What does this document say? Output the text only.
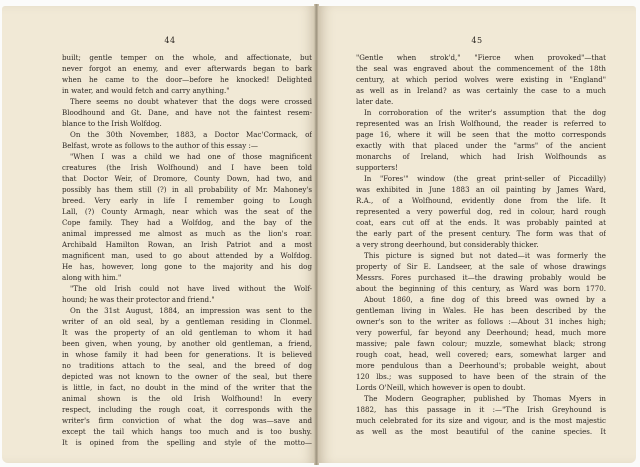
44
built; gentle temper on the whole, and affectionate, but
never forgot an enemy, and ever afterwards began to bark
when he came to the door—before he knocked! Delighted
in water, and would fetch and carry anything."
There seems no doubt whatever that the dogs were crossed
Bloodhound and Gt. Dane, and have not the faintest resem-
blance to the Irish Wolfdog.
On the 30th November, 1883, a Doctor Mac'Cormack, of
Belfast, wrote as follows to the author of this essay :—
"When I was a child we had one of those magnificent
creatures (the Irish Wolfhound) and I have been told
that Doctor Weir, of Dromore, County Down, had two, and
possibly has them still (?) in all probability of Mr. Mahoney's
breed. Very early in life I remember going to Lough
Lall, (?) County Armagh, near which was the seat of the
Cope family. They had a Wolfdog, and the bay of the
animal impressed me almost as much as the lion's roar.
Archibald Hamilton Rowan, an Irish Patriot and a most
magnificent man, used to go about attended by a Wolfdog.
He has, however, long gone to the majority and his dog
along with him."
"The old Irish could not have lived without the Wolf-
hound; he was their protector and friend."
On the 31st August, 1884, an impression was sent to the
writer of an old seal, by a gentleman residing in Clonmel.
It was the property of an old gentleman to whom it had
been given, when young, by another old gentleman, a friend,
in whose family it had been for generations. It is believed
no traditions attach to the seal, and the breed of dog
depicted was not known to the owner of the seal, but there
is little, in fact, no doubt in the mind of the writer that the
animal shown is the old Irish Wolfhound! In every
respect, including the rough coat, it corresponds with the
writer's firm conviction of what the dog was—save and
except the tail which hangs too much and is too bushy.
It is opined from the spelling and style of the motto—
45
"Gentle when strok'd," "Fierce when provoked"—that
the seal was engraved about the commencement of the 18th
century, at which period wolves were existing in "England"
as well as in Ireland? as was certainly the case to a much
later date.
In corroboration of the writer's assumption that the dog
represented was an Irish Wolfhound, the reader is referred to
page 16, where it will be seen that the motto corresponds
exactly with that placed under the "arms" of the ancient
monarchs of Ireland, which had Irish Wolfhounds as
supporters!
In "Fores'" window (the great print-seller of Piccadilly)
was exhibited in June 1883 an oil painting by James Ward,
R.A., of a Wolfhound, evidently done from the life. It
represented a very powerful dog, red in colour, hard rough
coat, ears cut off at the ends. It was probably painted at
the early part of the present century. The form was that of
a very strong deerhound, but considerably thicker.
This picture is signed but not dated—it was formerly the
property of Sir E. Landseer, at the sale of whose drawings
Messrs. Fores purchased it—the drawing probably would be
about the beginning of this century, as Ward was born 1770.
About 1860, a fine dog of this breed was owned by a
gentleman living in Wales. He has been described by the
owner's son to the writer as follows :—About 31 inches high;
very powerful, far beyond any Deerhound; head, much more
massive; pale fawn colour; muzzle, somewhat black; strong
rough coat, head, well covered; ears, somewhat larger and
more pendulous than a Deerhound's; probable weight, about
120 lbs.; was supposed to have been of the strain of the
Lords O'Neill, which however is open to doubt.
The Modern Geographer, published by Thomas Myers in
1882, has this passage in it :—"The Irish Greyhound is
much celebrated for its size and vigour, and is the most majestic
as well as the most beautiful of the canine species. It
